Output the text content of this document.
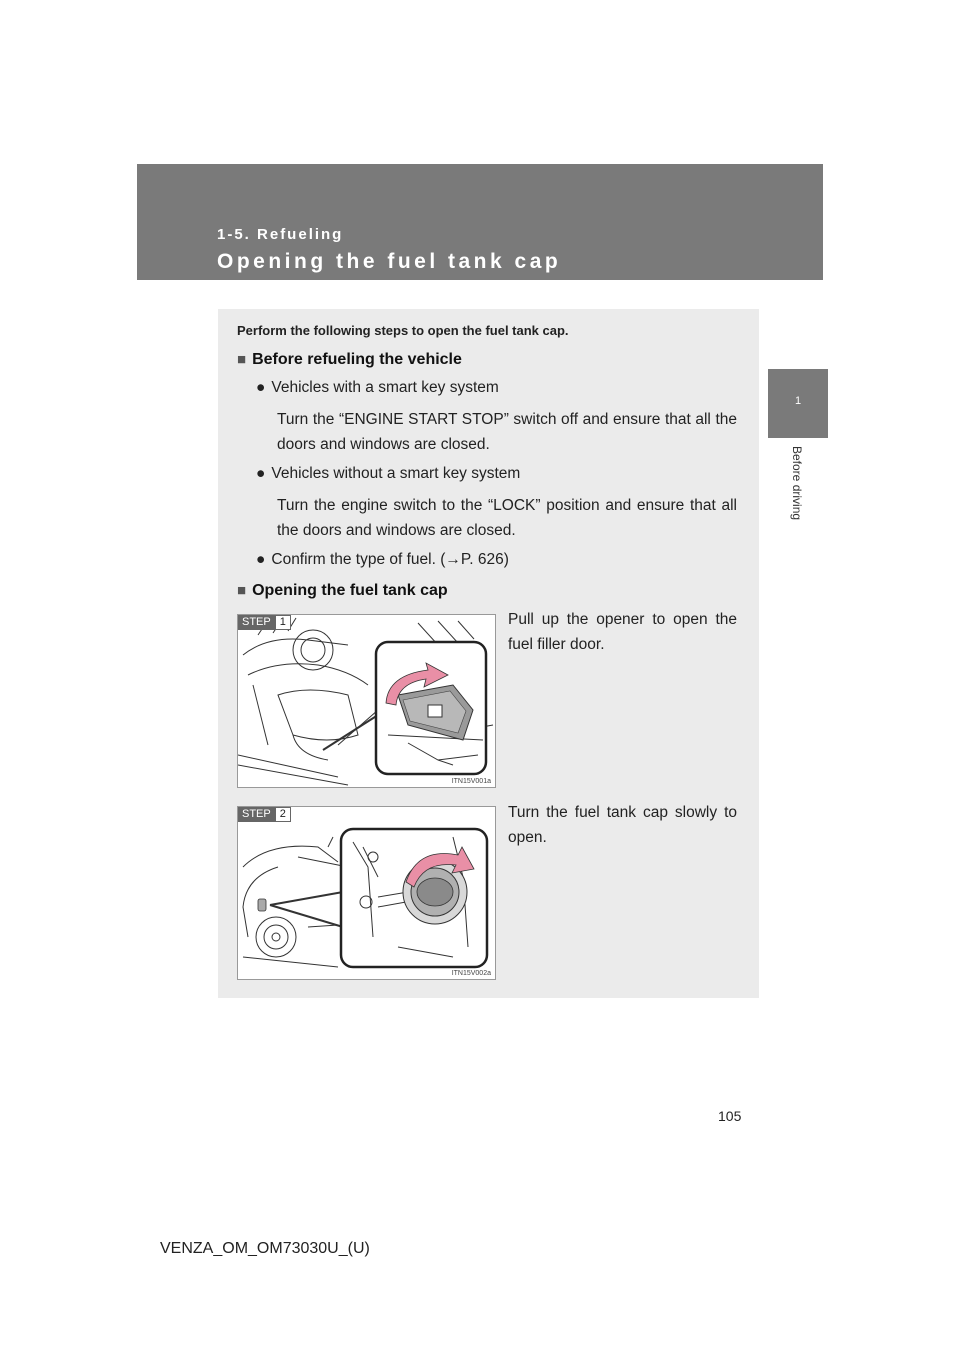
1-5. Refueling
Opening the fuel tank cap
1
Before driving
Perform the following steps to open the fuel tank cap.
■ Before refueling the vehicle
● Vehicles with a smart key system
Turn the “ENGINE START STOP” switch off and ensure that all the doors and windows are closed.
● Vehicles without a smart key system
Turn the engine switch to the “LOCK” position and ensure that all the doors and windows are closed.
● Confirm the type of fuel. (→P. 626)
■ Opening the fuel tank cap
STEP 1
ITN15V001a
Pull up the opener to open the fuel filler door.
STEP 2
ITN15V002a
Turn the fuel tank cap slowly to open.
105
VENZA_OM_OM73030U_(U)
